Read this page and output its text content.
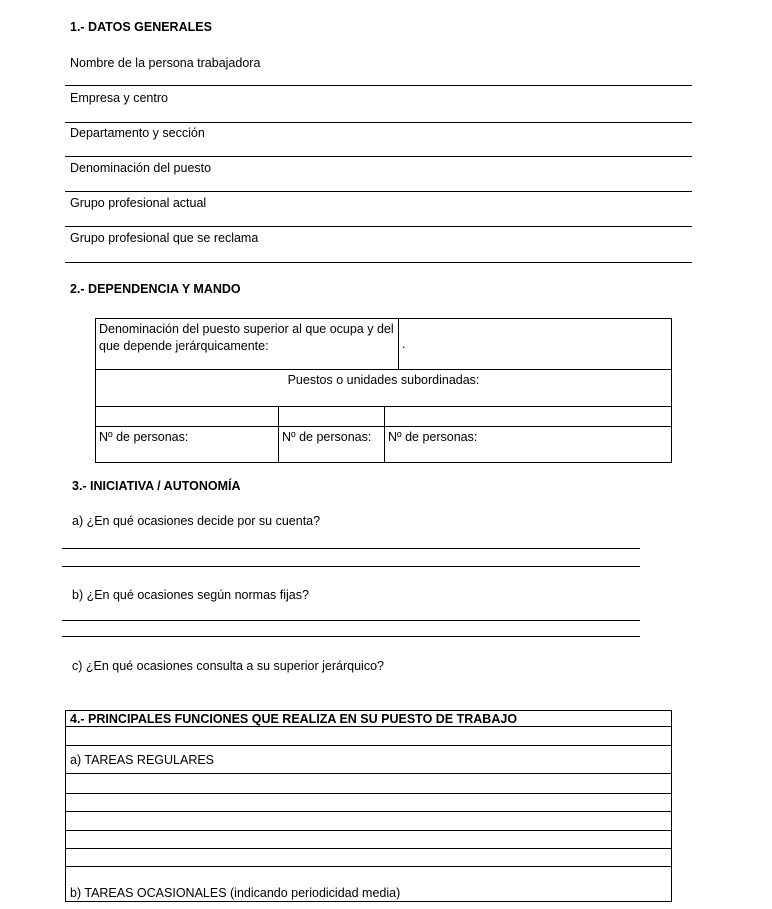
1.- DATOS GENERALES
Nombre de la persona trabajadora
Empresa y centro
Departamento y sección
Denominación del puesto
Grupo profesional actual
Grupo profesional que se reclama
2.- DEPENDENCIA Y MANDO
Denominación del puesto superior al que ocupa y del que depende jerárquicamente:	.
Puestos o unidades subordinadas:
Nº de personas:	Nº de personas:	Nº de personas:
3.- INICIATIVA / AUTONOMÍA
a) ¿En qué ocasiones decide por su cuenta?
b) ¿En qué ocasiones según normas fijas?
c) ¿En qué ocasiones consulta a su superior jerárquico?
4.- PRINCIPALES FUNCIONES QUE REALIZA EN SU PUESTO DE TRABAJO
a) TAREAS REGULARES
b) TAREAS OCASIONALES (indicando periodicidad media)
